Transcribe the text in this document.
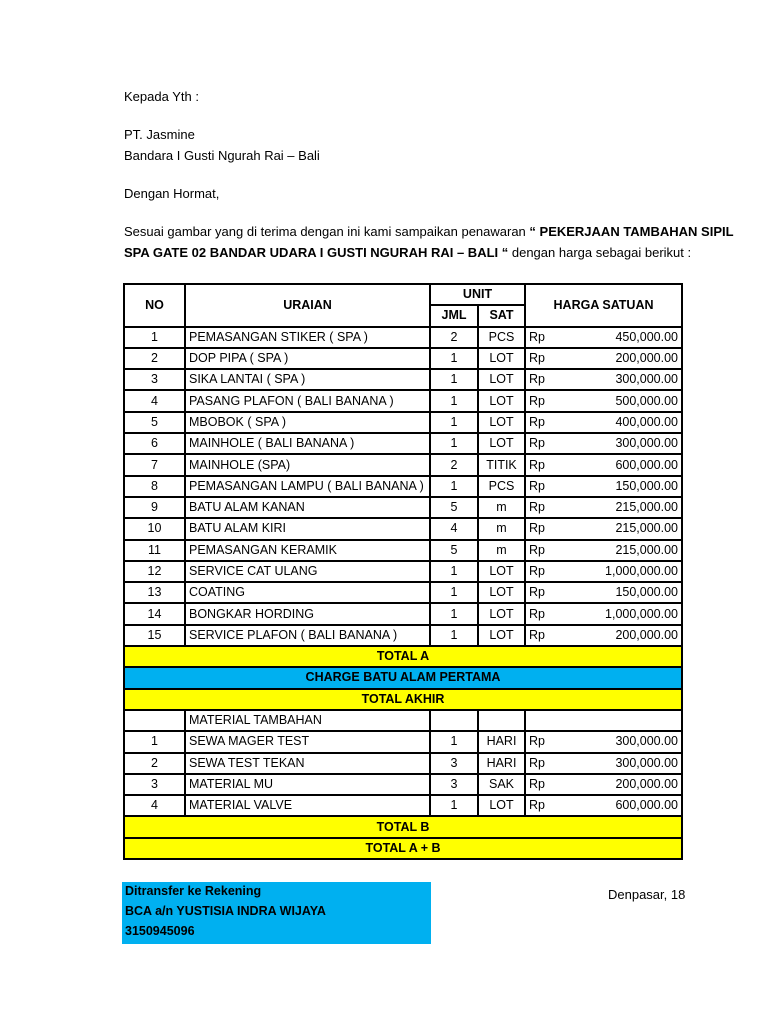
Kepada Yth :
PT. Jasmine
Bandara I Gusti Ngurah Rai – Bali
Dengan Hormat,
Sesuai gambar yang di terima dengan ini kami sampaikan penawaran “ PEKERJAAN TAMBAHAN SIPIL
SPA GATE 02 BANDAR UDARA I GUSTI NGURAH RAI – BALI “ dengan harga sebagai berikut :
NO	URAIAN	UNIT		HARGA SATUAN	
		JML	SAT		
1	PEMASANGAN STIKER ( SPA )	2	PCS	Rp	450,000.00
2	DOP PIPA ( SPA )	1	LOT	Rp	200,000.00
3	SIKA LANTAI ( SPA )	1	LOT	Rp	300,000.00
4	PASANG PLAFON ( BALI BANANA )	1	LOT	Rp	500,000.00
5	MBOBOK ( SPA )	1	LOT	Rp	400,000.00
6	MAINHOLE ( BALI BANANA )	1	LOT	Rp	300,000.00
7	MAINHOLE (SPA)	2	TITIK	Rp	600,000.00
8	PEMASANGAN LAMPU ( BALI BANANA )	1	PCS	Rp	150,000.00
9	BATU ALAM KANAN	5	m	Rp	215,000.00
10	BATU ALAM KIRI	4	m	Rp	215,000.00
11	PEMASANGAN KERAMIK	5	m	Rp	215,000.00
12	SERVICE CAT ULANG	1	LOT	Rp	1,000,000.00
13	COATING	1	LOT	Rp	150,000.00
14	BONGKAR HORDING	1	LOT	Rp	1,000,000.00
15	SERVICE PLAFON ( BALI BANANA )	1	LOT	Rp	200,000.00
TOTAL A					
CHARGE BATU ALAM PERTAMA					
TOTAL AKHIR					
	MATERIAL TAMBAHAN				
1	SEWA MAGER TEST	1	HARI	Rp	300,000.00
2	SEWA TEST TEKAN	3	HARI	Rp	300,000.00
3	MATERIAL MU	3	SAK	Rp	200,000.00
4	MATERIAL VALVE	1	LOT	Rp	600,000.00
TOTAL B					
TOTAL A + B					
Ditransfer ke Rekening
BCA a/n YUSTISIA INDRA WIJAYA
3150945096
Denpasar, 18
